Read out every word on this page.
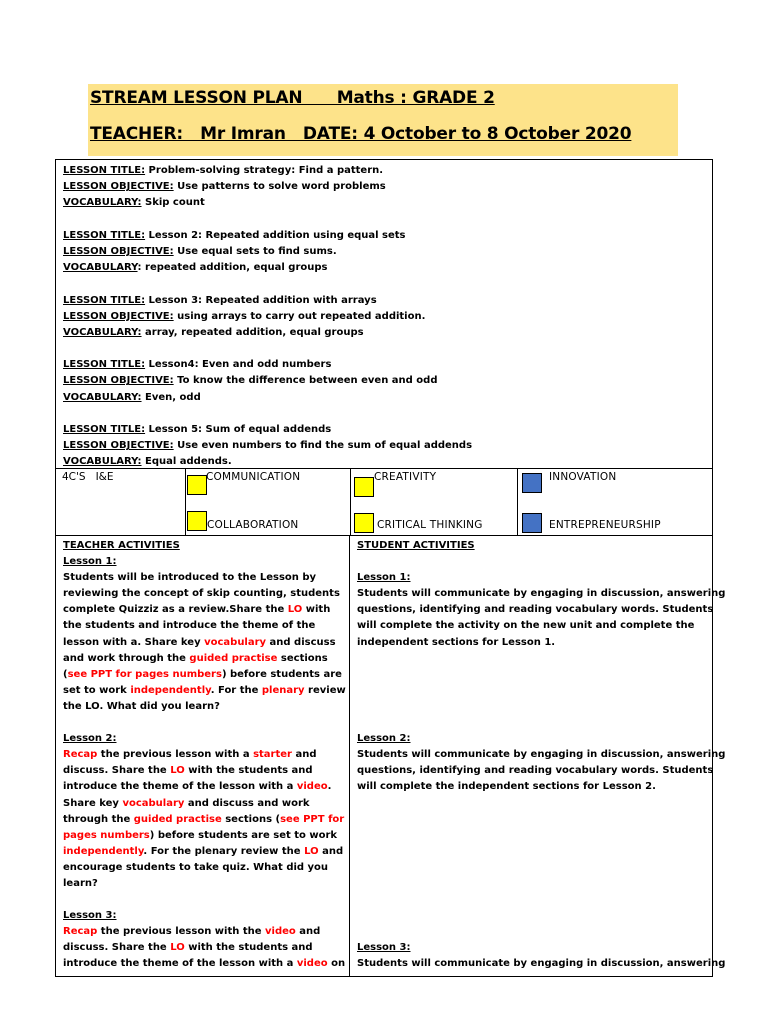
STREAM LESSON PLAN      Maths : GRADE 2
TEACHER:   Mr Imran   DATE: 4 October to 8 October 2020
LESSON TITLE: Problem-solving strategy: Find a pattern.
LESSON OBJECTIVE: Use patterns to solve word problems
VOCABULARY: Skip count
LESSON TITLE: Lesson 2: Repeated addition using equal sets
LESSON OBJECTIVE: Use equal sets to find sums.
VOCABULARY: repeated addition, equal groups
LESSON TITLE: Lesson 3: Repeated addition with arrays
LESSON OBJECTIVE: using arrays to carry out repeated addition.
VOCABULARY: array, repeated addition, equal groups
LESSON TITLE: Lesson4: Even and odd numbers
LESSON OBJECTIVE: To know the difference between even and odd
VOCABULARY: Even, odd
LESSON TITLE: Lesson 5: Sum of equal addends
LESSON OBJECTIVE: Use even numbers to find the sum of equal addends
VOCABULARY: Equal addends.
4C'S   I&E	COMMUNICATION
COLLABORATION
CREATIVITY
CRITICAL THINKING
INNOVATION
ENTREPRENEURSHIP
TEACHER ACTIVITIES
Lesson 1:
Students will be introduced to the Lesson by
reviewing the concept of skip counting, students
complete Quizziz as a review.Share the LO with
the students and introduce the theme of the
lesson with a. Share key vocabulary and discuss
and work through the guided practise sections
(see PPT for pages numbers) before students are
set to work independently. For the plenary review
the LO. What did you learn?
Lesson 2:
Recap the previous lesson with a starter and
discuss. Share the LO with the students and
introduce the theme of the lesson with a video.
Share key vocabulary and discuss and work
through the guided practise sections (see PPT for
pages numbers) before students are set to work
independently. For the plenary review the LO and
encourage students to take quiz. What did you
learn?
Lesson 3:
Recap the previous lesson with the video and
discuss. Share the LO with the students and
introduce the theme of the lesson with a video on
STUDENT ACTIVITIES
Lesson 1:
Students will communicate by engaging in discussion, answering
questions, identifying and reading vocabulary words. Students
will complete the activity on the new unit and complete the
independent sections for Lesson 1.
Lesson 2:
Students will communicate by engaging in discussion, answering
questions, identifying and reading vocabulary words. Students
will complete the independent sections for Lesson 2.
Lesson 3:
Students will communicate by engaging in discussion, answering
